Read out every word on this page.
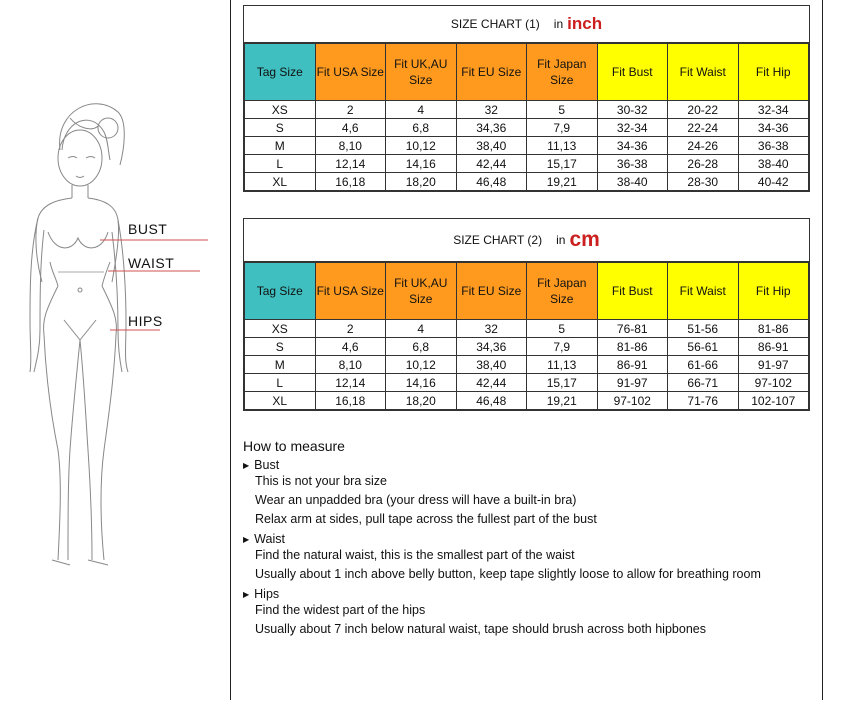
BUST
WAIST
HIPS
SIZE CHART (1) in inch
Tag Size	Fit USA Size	Fit UK,AU Size	Fit EU Size	Fit Japan Size	Fit Bust	Fit Waist	Fit Hip
XS	2	4	32	5	30-32	20-22	32-34
S	4,6	6,8	34,36	7,9	32-34	22-24	34-36
M	8,10	10,12	38,40	11,13	34-36	24-26	36-38
L	12,14	14,16	42,44	15,17	36-38	26-28	38-40
XL	16,18	18,20	46,48	19,21	38-40	28-30	40-42
SIZE CHART (2) in cm
Tag Size	Fit USA Size	Fit UK,AU Size	Fit EU Size	Fit Japan Size	Fit Bust	Fit Waist	Fit Hip
XS	2	4	32	5	76-81	51-56	81-86
S	4,6	6,8	34,36	7,9	81-86	56-61	86-91
M	8,10	10,12	38,40	11,13	86-91	61-66	91-97
L	12,14	14,16	42,44	15,17	91-97	66-71	97-102
XL	16,18	18,20	46,48	19,21	97-102	71-76	102-107
How to measure
▶ Bust
This is not your bra size
Wear an unpadded bra (your dress will have a built-in bra)
Relax arm at sides, pull tape across the fullest part of the bust
▶ Waist
Find the natural waist, this is the smallest part of the waist
Usually about 1 inch above belly button, keep tape slightly loose to allow for breathing room
▶ Hips
Find the widest part of the hips
Usually about 7 inch below natural waist, tape should brush across both hipbones
